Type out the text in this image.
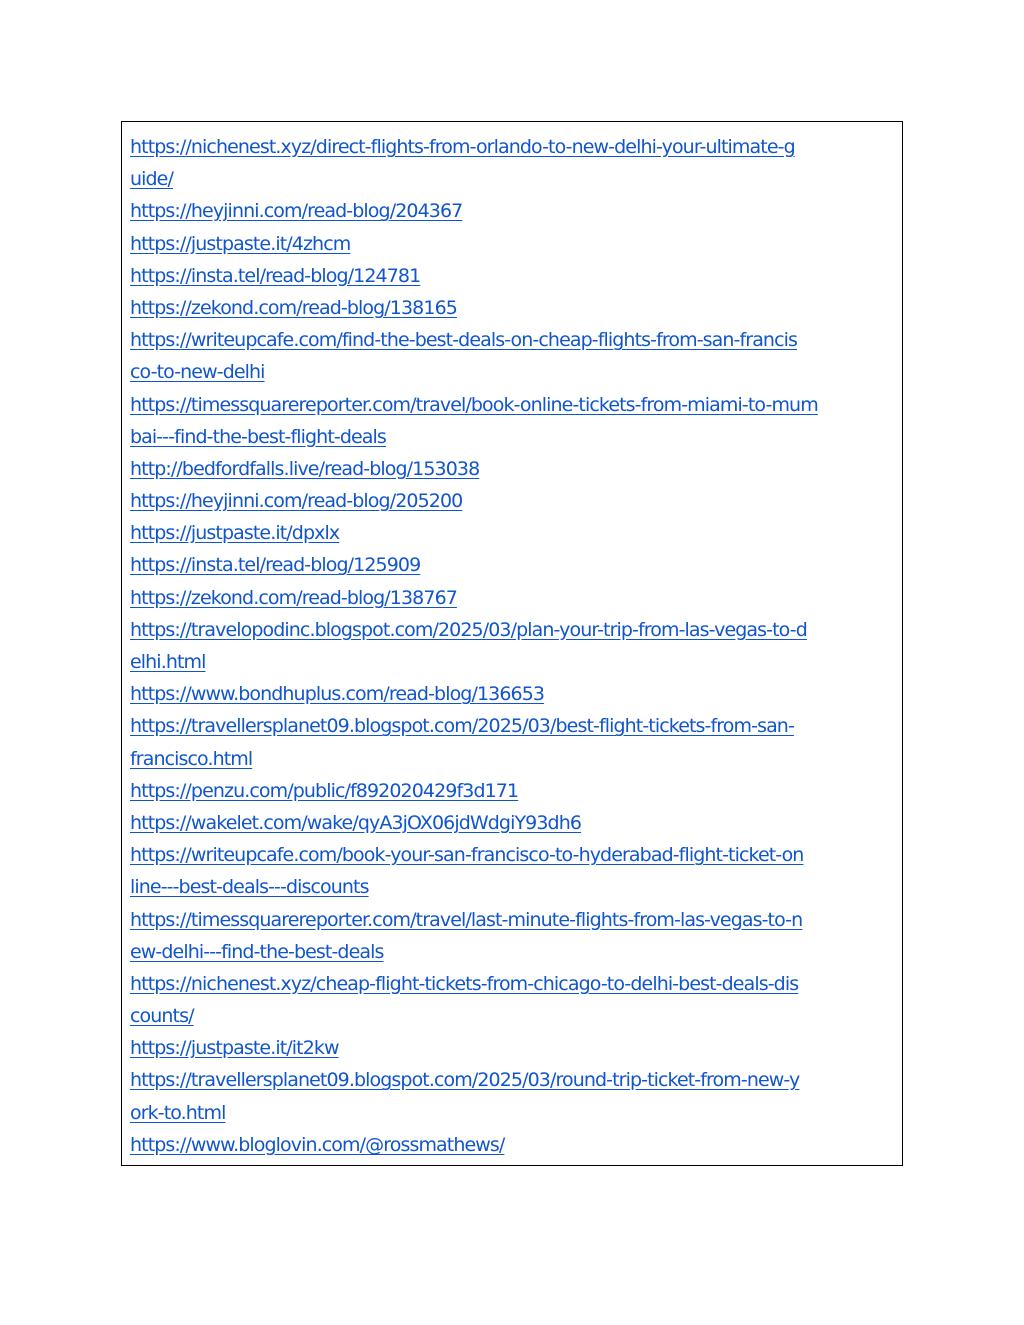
https://nichenest.xyz/direct-flights-from-orlando-to-new-delhi-your-ultimate-g
uide/
https://heyjinni.com/read-blog/204367
https://justpaste.it/4zhcm
https://insta.tel/read-blog/124781
https://zekond.com/read-blog/138165
https://writeupcafe.com/find-the-best-deals-on-cheap-flights-from-san-francis
co-to-new-delhi
https://timessquarereporter.com/travel/book-online-tickets-from-miami-to-mum
bai---find-the-best-flight-deals
http://bedfordfalls.live/read-blog/153038
https://heyjinni.com/read-blog/205200
https://justpaste.it/dpxlx
https://insta.tel/read-blog/125909
https://zekond.com/read-blog/138767
https://travelopodinc.blogspot.com/2025/03/plan-your-trip-from-las-vegas-to-d
elhi.html
https://www.bondhuplus.com/read-blog/136653
https://travellersplanet09.blogspot.com/2025/03/best-flight-tickets-from-san-
francisco.html
https://penzu.com/public/f892020429f3d171
https://wakelet.com/wake/qyA3jOX06jdWdgiY93dh6
https://writeupcafe.com/book-your-san-francisco-to-hyderabad-flight-ticket-on
line---best-deals---discounts
https://timessquarereporter.com/travel/last-minute-flights-from-las-vegas-to-n
ew-delhi---find-the-best-deals
https://nichenest.xyz/cheap-flight-tickets-from-chicago-to-delhi-best-deals-dis
counts/
https://justpaste.it/it2kw
https://travellersplanet09.blogspot.com/2025/03/round-trip-ticket-from-new-y
ork-to.html
https://www.bloglovin.com/@rossmathews/
